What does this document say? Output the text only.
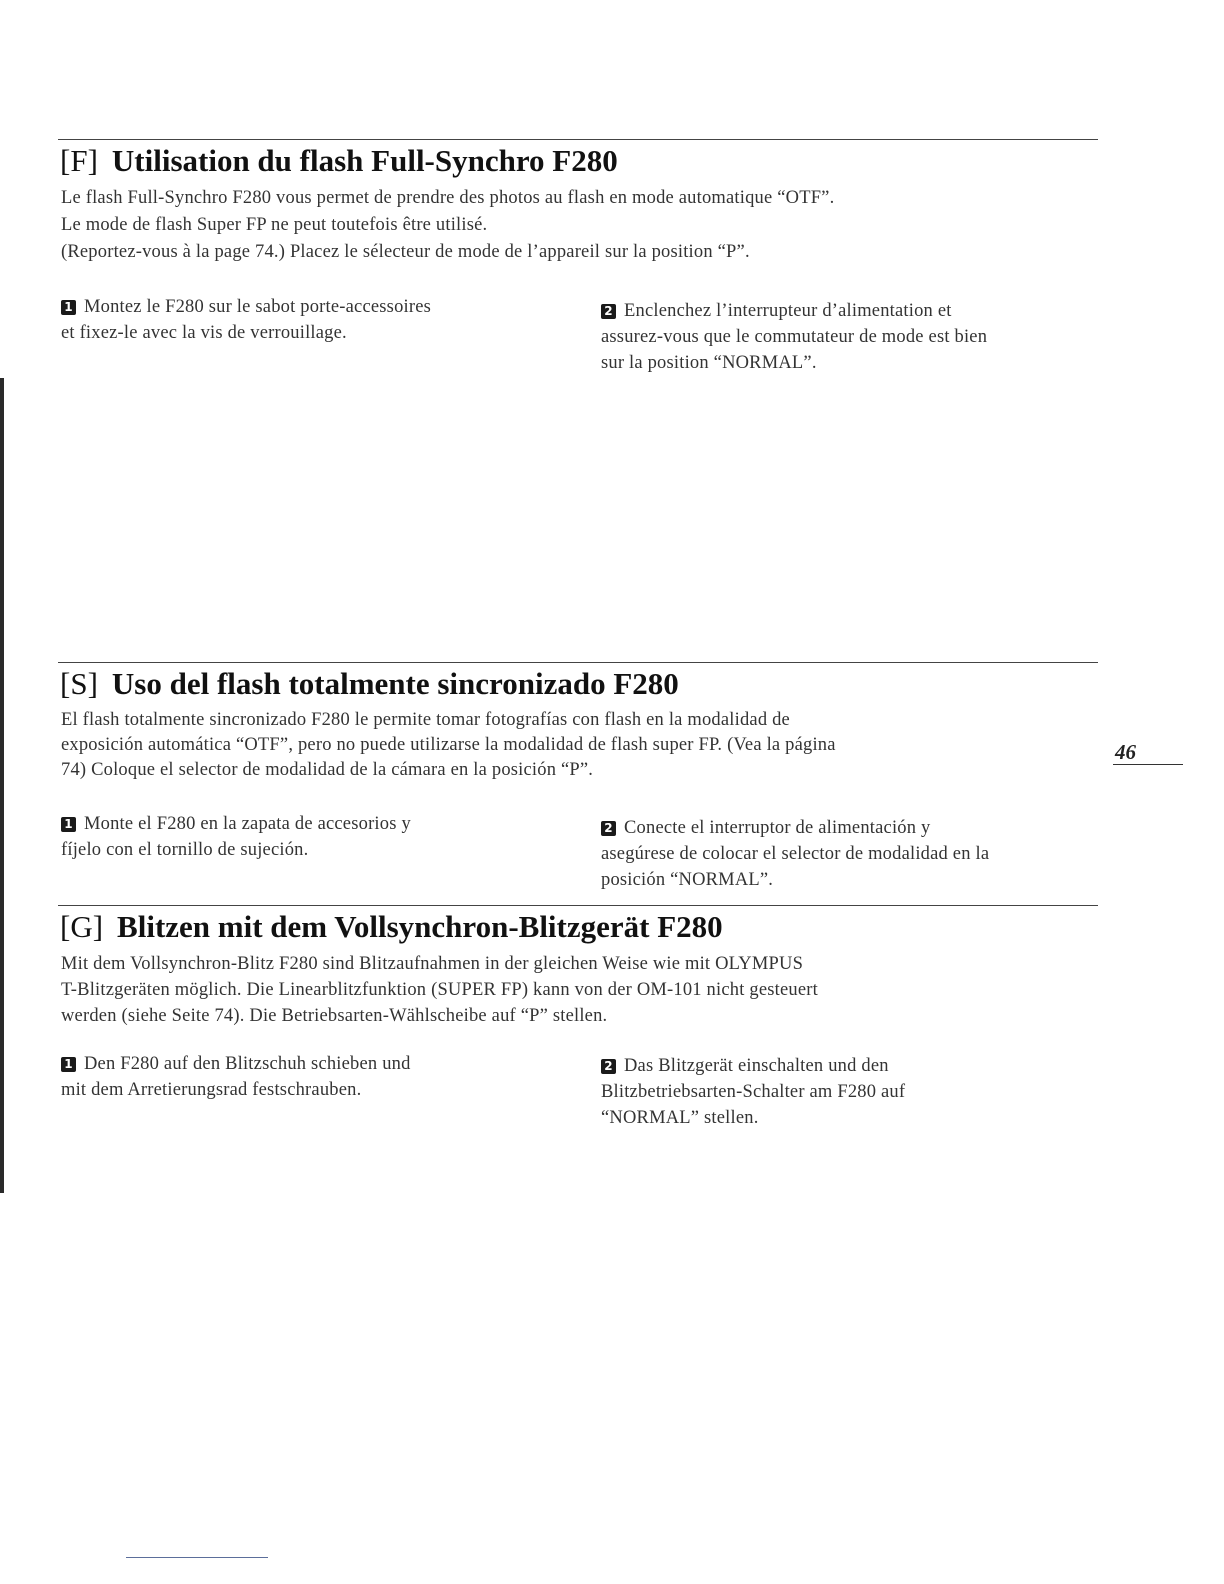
[F] Utilisation du flash Full-Synchro F280
Le flash Full-Synchro F280 vous permet de prendre des photos au flash en mode automatique “OTF”.
Le mode de flash Super FP ne peut toutefois être utilisé.
(Reportez-vous à la page 74.) Placez le sélecteur de mode de l’appareil sur la position “P”.
1 Montez le F280 sur le sabot porte-accessoires
et fixez-le avec la vis de verrouillage.
2 Enclenchez l’interrupteur d’alimentation et
assurez-vous que le commutateur de mode est bien
sur la position “NORMAL”.
[S] Uso del flash totalmente sincronizado F280
El flash totalmente sincronizado F280 le permite tomar fotografías con flash en la modalidad de
exposición automática “OTF”, pero no puede utilizarse la modalidad de flash super FP. (Vea la página
74) Coloque el selector de modalidad de la cámara en la posición “P”.
1 Monte el F280 en la zapata de accesorios y
fíjelo con el tornillo de sujeción.
2 Conecte el interruptor de alimentación y
asegúrese de colocar el selector de modalidad en la
posición “NORMAL”.
[G] Blitzen mit dem Vollsynchron-Blitzgerät F280
Mit dem Vollsynchron-Blitz F280 sind Blitzaufnahmen in der gleichen Weise wie mit OLYMPUS
T-Blitzgeräten möglich. Die Linearblitzfunktion (SUPER FP) kann von der OM-101 nicht gesteuert
werden (siehe Seite 74). Die Betriebsarten-Wählscheibe auf “P” stellen.
1 Den F280 auf den Blitzschuh schieben und
mit dem Arretierungsrad festschrauben.
2 Das Blitzgerät einschalten und den
Blitzbetriebsarten-Schalter am F280 auf
“NORMAL” stellen.
46
